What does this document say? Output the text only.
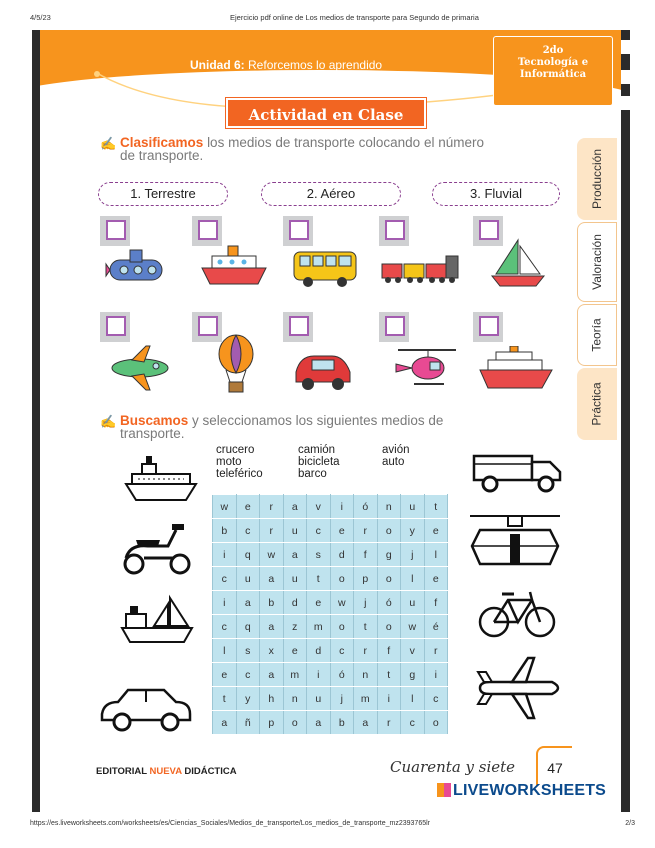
4/5/23	Ejercicio pdf online de Los medios de transporte para Segundo de primaria
Unidad 6: Reforcemos lo aprendido
2do
Tecnología e
Informática
Actividad en Clase
Producción
Valoración
Teoría
Práctica
✍ Clasificamos los medios de transporte colocando el número
de transporte.
1. Terrestre	2. Aéreo	3. Fluvial
✍ Buscamos y seleccionamos los siguientes medios de
transporte.
crucero
moto
teleférico
camión
bicicleta
barco
avión
auto
w	e	r	a	v	i	ó	n	u	t
b	c	r	u	c	e	r	o	y	e
i	q	w	a	s	d	f	g	j	l
c	u	a	u	t	o	p	o	l	e
i	a	b	d	e	w	j	ó	u	f
c	q	a	z	m	o	t	o	w	é
l	s	x	e	d	c	r	f	v	r
e	c	a	m	i	ó	n	t	g	i
t	y	h	n	u	j	m	i	l	c
a	ñ	p	o	a	b	a	r	c	o
EDITORIAL NUEVA DIDÁCTICA	Cuarenta y siete	47
LIVEWORKSHEETS
https://es.liveworksheets.com/worksheets/es/Ciencias_Sociales/Medios_de_transporte/Los_medios_de_transporte_mz2393765lr	2/3
